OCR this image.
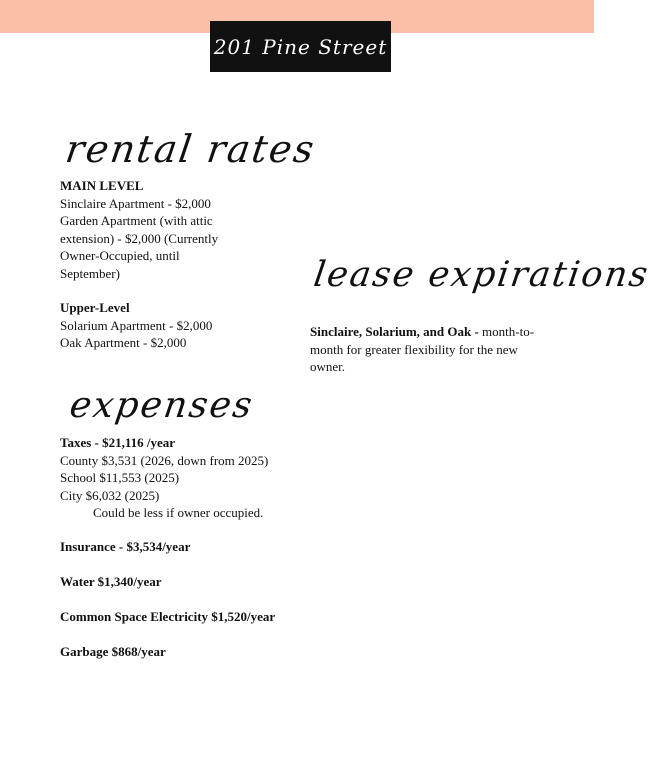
201 Pine Street
rental rates
MAIN LEVEL
Sinclaire Apartment - $2,000
Garden Apartment (with attic
extension) - $2,000 (Currently
Owner-Occupied, until
September)
Upper-Level
Solarium Apartment - $2,000
Oak Apartment - $2,000
lease expirations
Sinclaire, Solarium, and Oak - month-to-
month for greater flexibility for the new
owner.
expenses
Taxes - $21,116 /year
County $3,531 (2026, down from 2025)
School $11,553 (2025)
City $6,032 (2025)
Could be less if owner occupied.
Insurance - $3,534/year
Water $1,340/year
Common Space Electricity $1,520/year
Garbage $868/year
